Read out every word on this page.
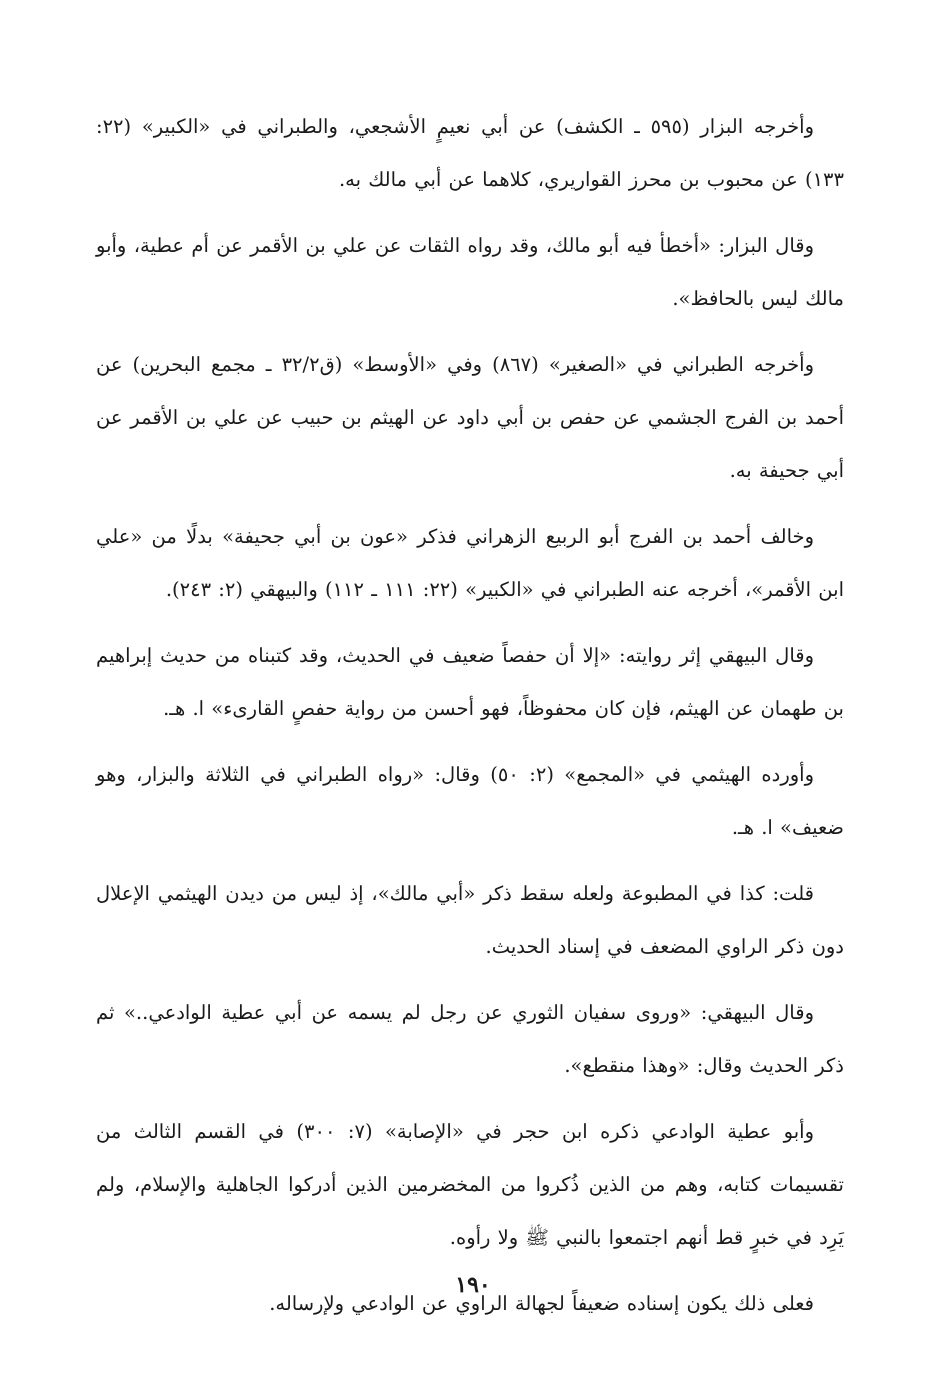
وأخرجه البزار (٥٩٥ ـ الكشف) عن أبي نعيمٍ الأشجعي، والطبراني في «الكبير» (٢٢: ١٣٣) عن محبوب بن محرز القواريري، كلاهما عن أبي مالك به.

وقال البزار: «أخطأ فيه أبو مالك، وقد رواه الثقات عن علي بن الأقمر عن أم عطية، وأبو مالك ليس بالحافظ».

وأخرجه الطبراني في «الصغير» (٨٦٧) وفي «الأوسط» (ق٣٢/٢ ـ مجمع البحرين) عن أحمد بن الفرج الجشمي عن حفص بن أبي داود عن الهيثم بن حبيب عن علي بن الأقمر عن أبي جحيفة به.

وخالف أحمد بن الفرج أبو الربيع الزهراني فذكر «عون بن أبي جحيفة» بدلًا من «علي ابن الأقمر»، أخرجه عنه الطبراني في «الكبير» (٢٢: ١١١ ـ ١١٢) والبيهقي (٢: ٢٤٣).

وقال البيهقي إثر روايته: «إلا أن حفصاً ضعيف في الحديث، وقد كتبناه من حديث إبراهيم بن طهمان عن الهيثم، فإن كان محفوظاً، فهو أحسن من رواية حفصٍ القارىء» ا. هـ.

وأورده الهيثمي في «المجمع» (٢: ٥٠) وقال: «رواه الطبراني في الثلاثة والبزار، وهو ضعيف» ا. هـ.

قلت: كذا في المطبوعة ولعله سقط ذكر «أبي مالك»، إذ ليس من ديدن الهيثمي الإعلال دون ذكر الراوي المضعف في إسناد الحديث.

وقال البيهقي: «وروى سفيان الثوري عن رجل لم يسمه عن أبي عطية الوادعي..» ثم ذكر الحديث وقال: «وهذا منقطع».

وأبو عطية الوادعي ذكره ابن حجر في «الإصابة» (٧: ٣٠٠) في القسم الثالث من تقسيمات كتابه، وهم من الذين ذُكروا من المخضرمين الذين أدركوا الجاهلية والإسلام، ولم يَرِد في خبرٍ قط أنهم اجتمعوا بالنبي ﷺ ولا رأوه.

فعلى ذلك يكون إسناده ضعيفاً لجهالة الراوي عن الوادعي ولإرساله.

١٩٠
